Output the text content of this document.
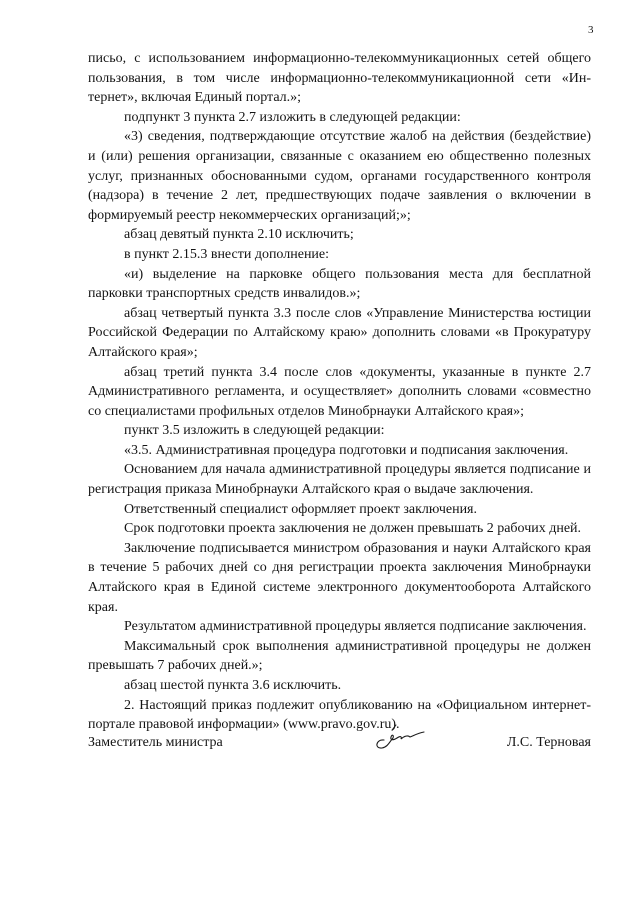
3

письо, с использованием информационно-телекоммуникационных сетей общего пользования, в том числе информационно-телекоммуникационной сети «Интернет», включая Единый портал.»;

подпункт 3 пункта 2.7 изложить в следующей редакции:

«3) сведения, подтверждающие отсутствие жалоб на действия (бездействие) и (или) решения организации, связанные с оказанием ею общественно полезных услуг, признанных обоснованными судом, органами государственного контроля (надзора) в течение 2 лет, предшествующих подаче заявления о включении в формируемый реестр некоммерческих организаций;»;

абзац девятый пункта 2.10 исключить;

в пункт 2.15.3 внести дополнение:

«и) выделение на парковке общего пользования места для бесплатной парковки транспортных средств инвалидов.»;

абзац четвертый пункта 3.3 после слов «Управление Министерства юстиции Российской Федерации по Алтайскому краю» дополнить словами «в Прокуратуру Алтайского края»;

абзац третий пункта 3.4 после слов «документы, указанные в пункте 2.7 Административного регламента, и осуществляет» дополнить словами «совместно со специалистами профильных отделов Минобрнауки Алтайского края»;

пункт 3.5 изложить в следующей редакции:

«3.5. Административная процедура подготовки и подписания заключения.

Основанием для начала административной процедуры является подписание и регистрация приказа Минобрнауки Алтайского края о выдаче заключения.

Ответственный специалист оформляет проект заключения.

Срок подготовки проекта заключения не должен превышать 2 рабочих дней.

Заключение подписывается министром образования и науки Алтайского края в течение 5 рабочих дней со дня регистрации проекта заключения Минобрнауки Алтайского края в Единой системе электронного документооборота Алтайского края.

Результатом административной процедуры является подписание заключения.

Максимальный срок выполнения административной процедуры не должен превышать 7 рабочих дней.»;

абзац шестой пункта 3.6 исключить.

2. Настоящий приказ подлежит опубликованию на «Официальном интернет-портале правовой информации» (www.pravo.gov.ru).

Заместитель министра	Л.С. Терновая
